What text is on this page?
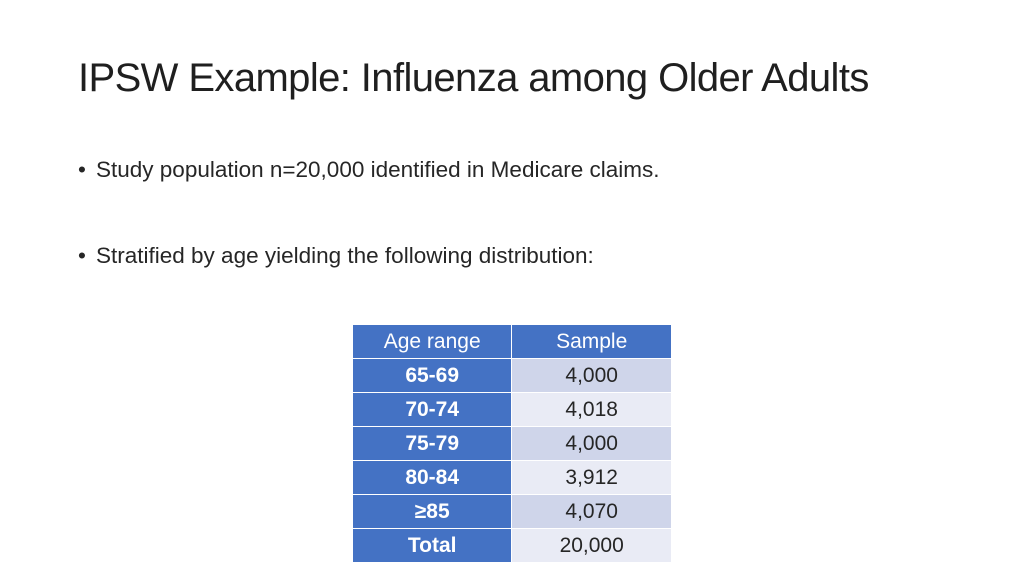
IPSW Example: Influenza among Older Adults
• Study population n=20,000 identified in Medicare claims.
• Stratified by age yielding the following distribution:
Age range	Sample
65-69	4,000
70-74	4,018
75-79	4,000
80-84	3,912
≥85	4,070
Total	20,000
